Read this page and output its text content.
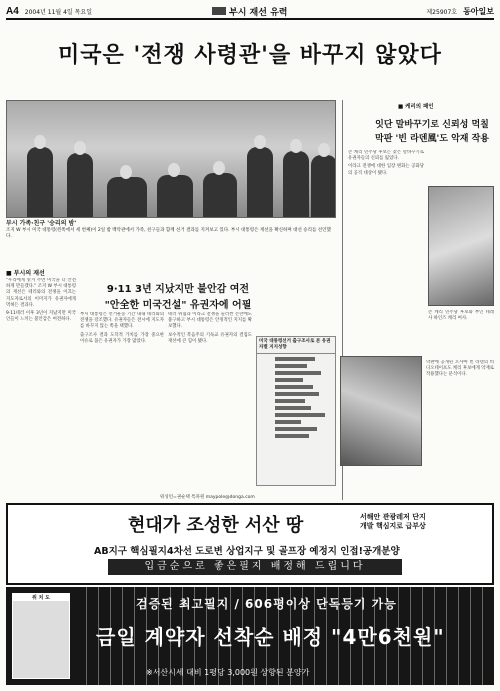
A4 2004년 11월 4일 목요일	부시 재선 유력	제25907호 동아일보
미국은 '전쟁 사령관'을 바꾸지 않았다
부시 가족·친구 '승리의 밤'
조지 W 부시 미국 대통령(왼쪽에서 세 번째)이 2일 밤 백악관에서 가족, 친구들과 함께 선거 결과를 지켜보고 있다. 부시 대통령은 재선을 확신하며 대선 승리를 선언했다.
■ 부시의 재선
9·11 3년 지났지만 불안감 여전
"안全한 미국건설" 유권자에 어필

"우리에게 맡겨 주면 미국을 더 안전하게 만들겠다." 조지 W 부시 대통령의 재선은 테러와의 전쟁을 이끄는 지도자로서의 이미지가 유권자에게 먹혀든 결과다.

9·11테러 이후 3년이 지났지만 미국인들이 느끼는 불안감은 여전하다.

부시 대통령은 선거운동 기간 내내 테러와의 전쟁을 강조했다. 유권자들은 전시에 지도자를 바꾸지 않는 쪽을 택했다.

출구조사 결과 도덕적 가치를 가장 중요한 이슈로 꼽은 유권자가 가장 많았다.

테러 위협과 이라크 전쟁을 둘러싼 논란에도 불구하고 부시 대통령은 안정적인 지지를 확보했다.

보수적인 복음주의 기독교 유권자의 결집도 재선에 큰 힘이 됐다.	미국 대통령선거 출구조사로 본 유권자별 지지성향
워싱턴=권순택 특파원 maypole@donga.com
■ 케리의 패인
잇단 말바꾸기로 신뢰성 먹칠
막판 '빈 라덴風'도 악재 작용

존 케리 민주당 후보는 잦은 말바꾸기로 유권자들의 신뢰를 잃었다.

이라크 전쟁에 대한 입장 변화는 공화당의 공격 대상이 됐다.

존 케리 민주당 후보와 부인 테레사 하인즈 케리 여사.

막판에 공개된 오사마 빈 라덴의 비디오테이프도 케리 후보에게 악재로 작용했다는 분석이다.

현대가 조성한 서산 땅	서해안 관광레저 단지
개발 핵심지로 급부상
AB지구 핵심필지4차선 도로변 상업지구 및 골프장 예정지 인접!공개분양
입금순으로 좋은필지 배정해 드립니다
위 치 도	검증된 최고필지 / 606평이상 단독등기 가능
금일 계약자 선착순 배정 "4만6천원"
※서산시세 대비 1평당 3,000원 상향된 분양가
